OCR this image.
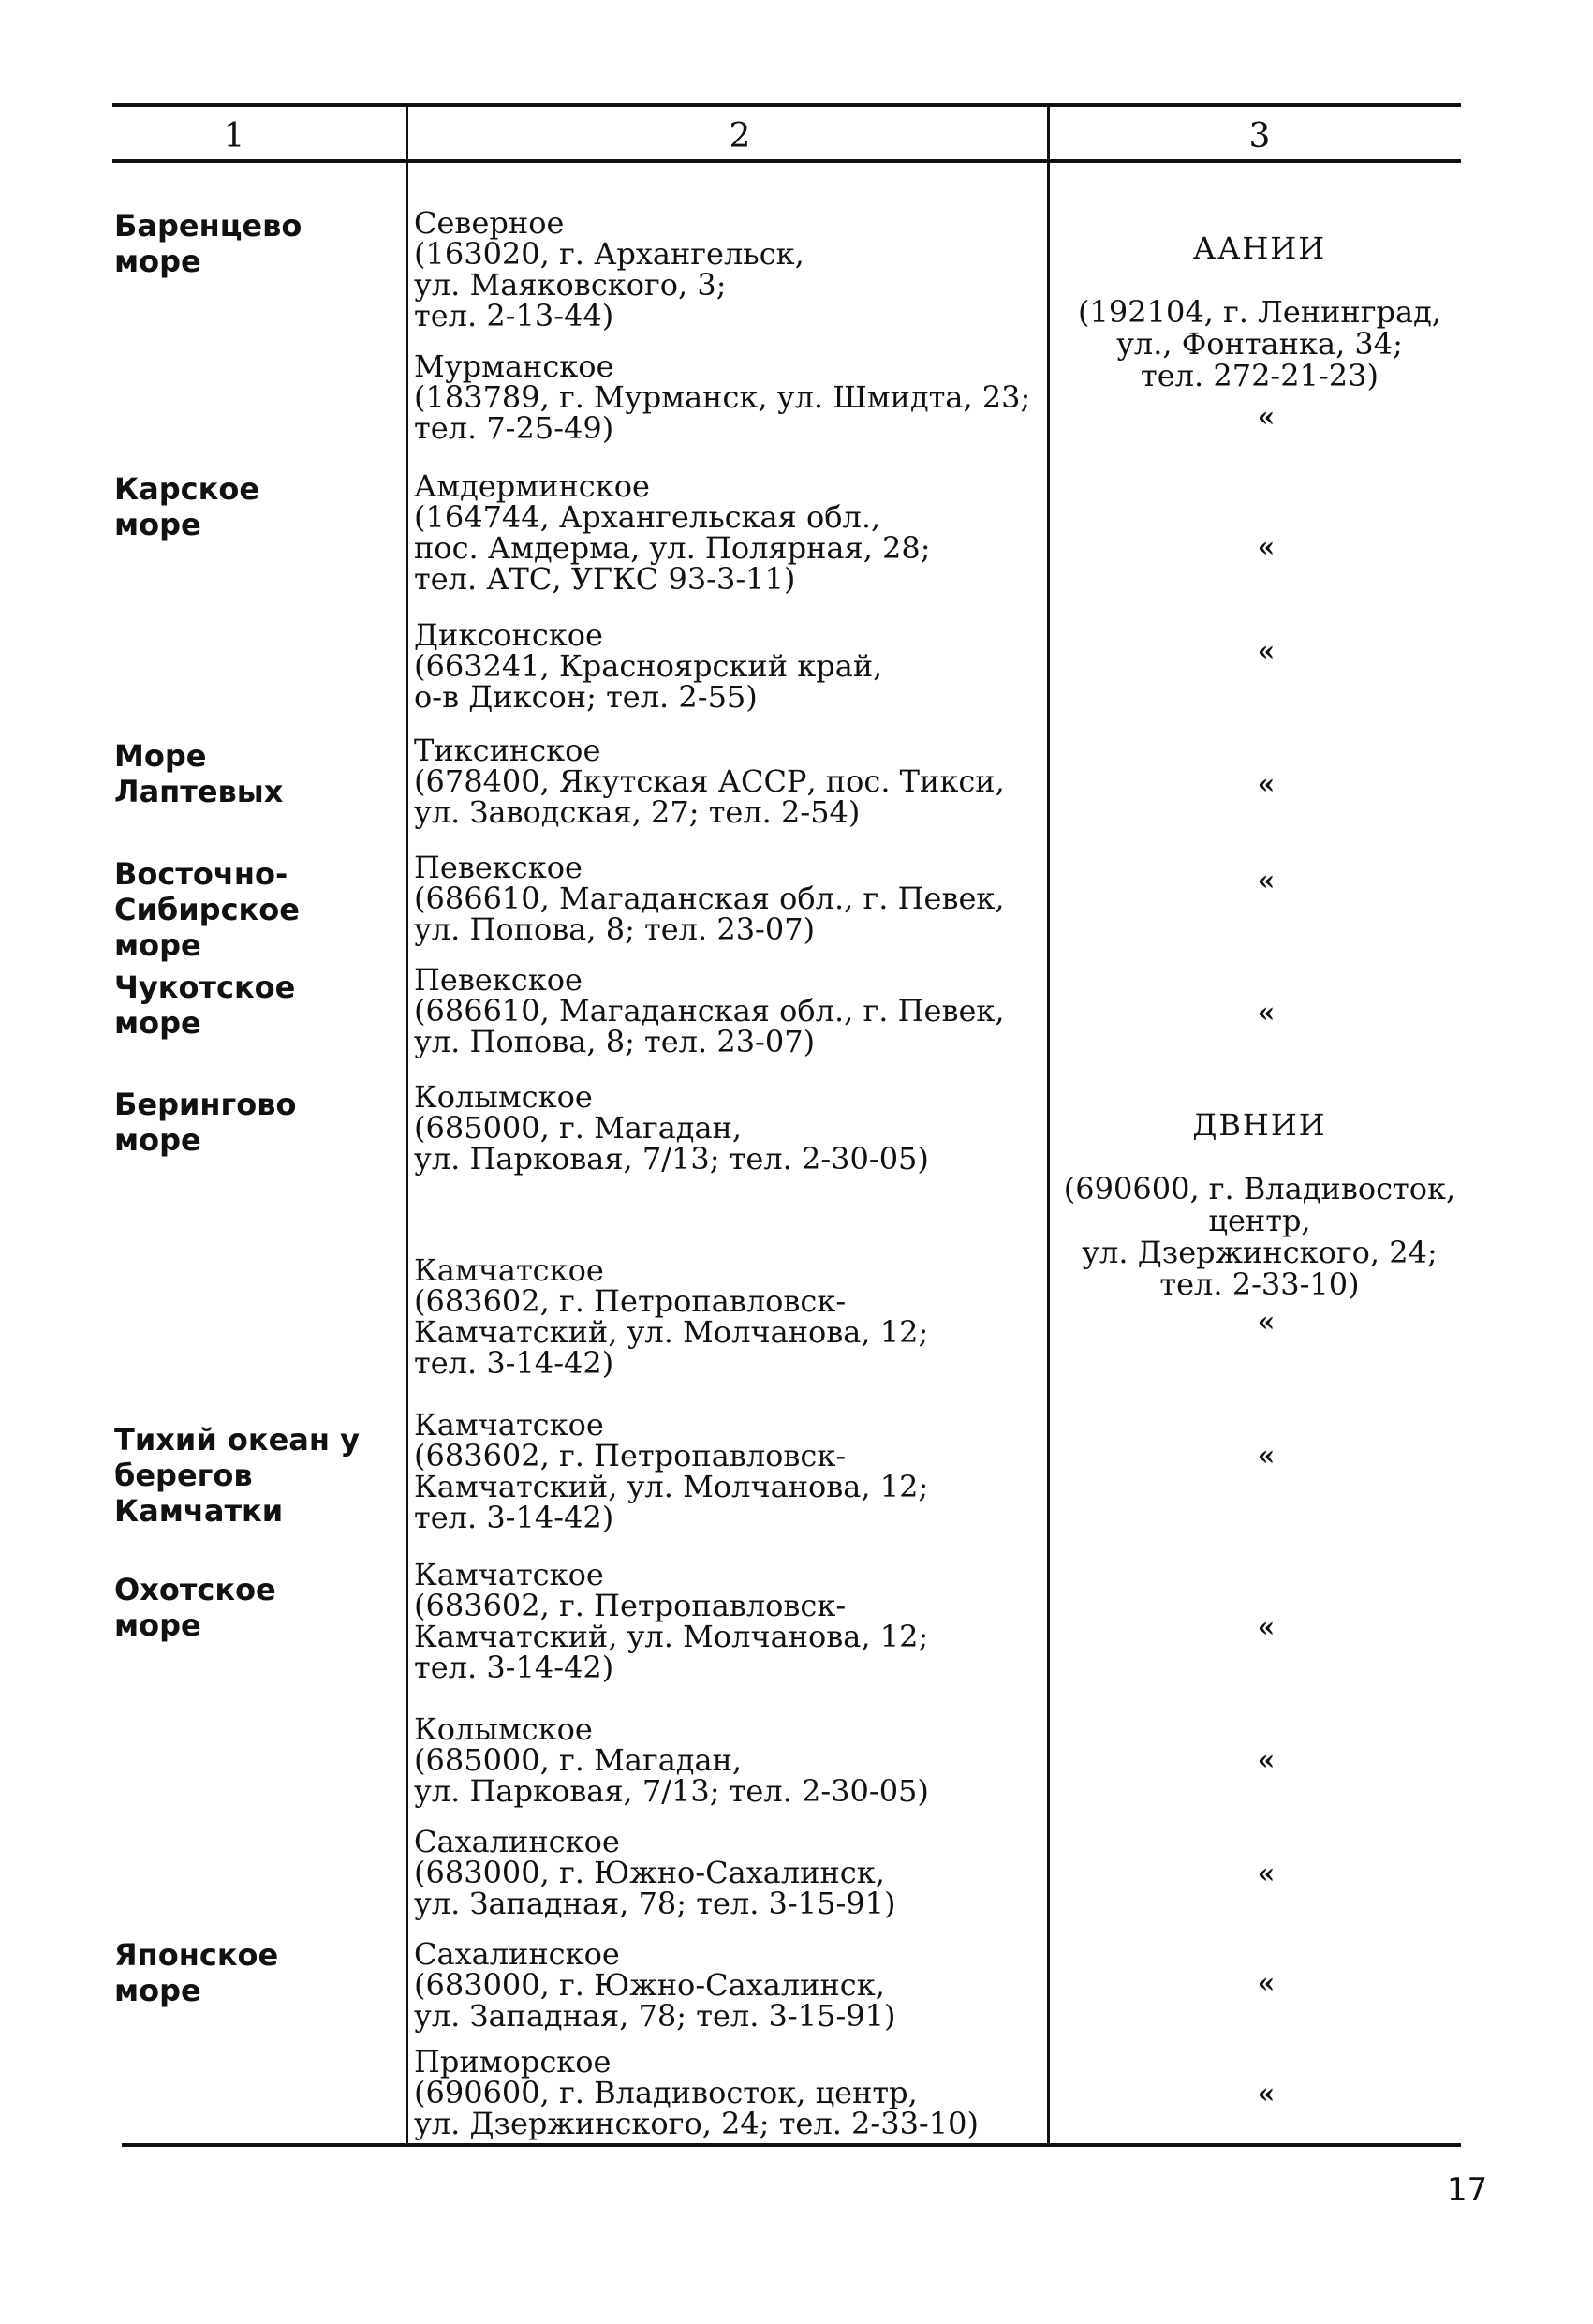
1	2	3
Баренцево
море
Карское
море
Море
Лаптевых
Восточно-
Сибирское
море
Чукотское
море
Берингово
море
Тихий океан у
берегов
Камчатки
Охотское
море
Японское
море
Северное
(163020, г. Архангельск,
ул. Маяковского, 3;
тел. 2-13-44)
Мурманское
(183789, г. Мурманск, ул. Шмидта, 23;
тел. 7-25-49)
Амдерминское
(164744, Архангельская обл.,
пос. Амдерма, ул. Полярная, 28;
тел. АТС, УГКС 93-3-11)
Диксонское
(663241, Красноярский край,
о-в Диксон; тел. 2-55)
Тиксинское
(678400, Якутская АССР, пос. Тикси,
ул. Заводская, 27; тел. 2-54)
Певекское
(686610, Магаданская обл., г. Певек,
ул. Попова, 8; тел. 23-07)
Певекское
(686610, Магаданская обл., г. Певек,
ул. Попова, 8; тел. 23-07)
Колымское
(685000, г. Магадан,
ул. Парковая, 7/13; тел. 2-30-05)
Камчатское
(683602, г. Петропавловск-
Камчатский, ул. Молчанова, 12;
тел. 3-14-42)
Камчатское
(683602, г. Петропавловск-
Камчатский, ул. Молчанова, 12;
тел. 3-14-42)
Камчатское
(683602, г. Петропавловск-
Камчатский, ул. Молчанова, 12;
тел. 3-14-42)
Колымское
(685000, г. Магадан,
ул. Парковая, 7/13; тел. 2-30-05)
Сахалинское
(683000, г. Южно-Сахалинск,
ул. Западная, 78; тел. 3-15-91)
Сахалинское
(683000, г. Южно-Сахалинск,
ул. Западная, 78; тел. 3-15-91)
Приморское
(690600, г. Владивосток, центр,
ул. Дзержинского, 24; тел. 2-33-10)

ААНИИ

(192104, г. Ленинград,
ул., Фонтанка, 34;
тел. 272-21-23)

ДВНИИ

(690600, г. Владивосток,
центр,
ул. Дзержинского, 24;
тел. 2-33-10)

«
«
«
«
«
«
«
«
«
«
«
«
«
17
